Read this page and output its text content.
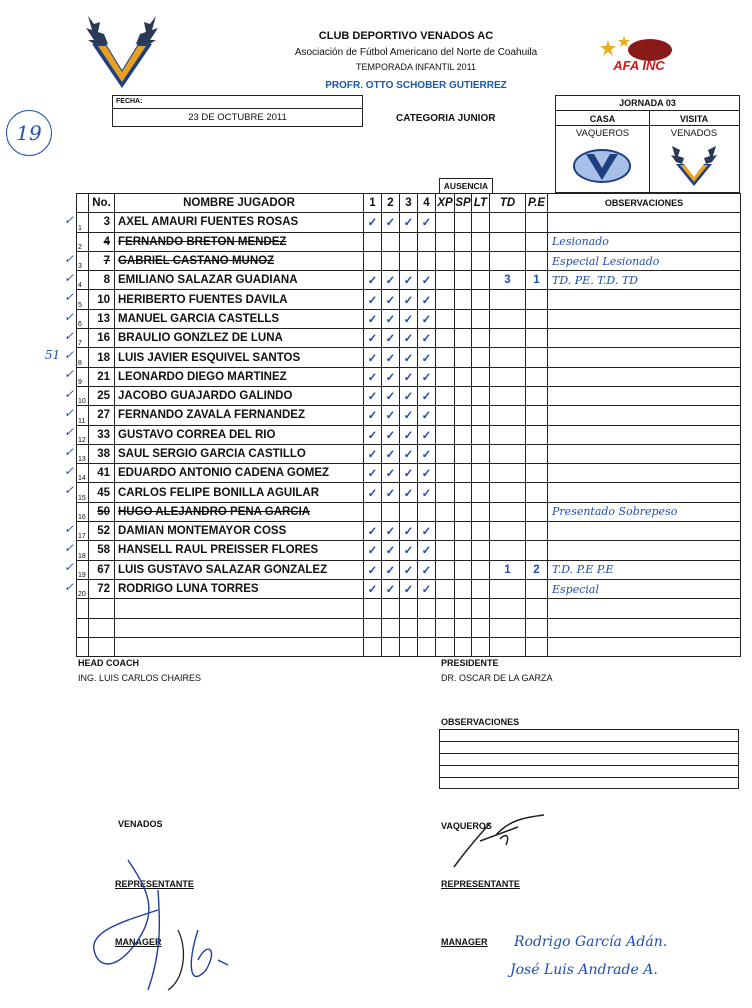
CLUB DEPORTIVO VENADOS AC
Asociación de Fútbol Americano del Norte de Coahuila
TEMPORADA INFANTIL 2011
PROFR. OTTO SCHOBER GUTIERREZ
AFA INC
19
FECHA:
23 DE OCTUBRE 2011	CATEGORIA JUNIOR
JORNADA 03
CASA	VISITA
VAQUEROS	VENADOS
AUSENCIA
	No.	NOMBRE JUGADOR	1	2	3	4	XP	SP	LT	TD	P.E	OBSERVACIONES
1	3	AXEL AMAURI FUENTES ROSAS	✓	✓	✓	✓						
2	4	FERNANDO BRETON MENDEZ										Lesionado
3	7	GABRIEL CASTANO MUNOZ										Especial Lesionado
4	8	EMILIANO SALAZAR GUADIANA	✓	✓	✓	✓				3	1	TD. PE. T.D. TD
5	10	HERIBERTO FUENTES DAVILA	✓	✓	✓	✓						
6	13	MANUEL GARCIA CASTELLS	✓	✓	✓	✓						
7	16	BRAULIO GONZLEZ DE LUNA	✓	✓	✓	✓						
8	18	LUIS JAVIER ESQUIVEL SANTOS	✓	✓	✓	✓						
9	21	LEONARDO DIEGO MARTINEZ	✓	✓	✓	✓						
10	25	JACOBO GUAJARDO GALINDO	✓	✓	✓	✓						
11	27	FERNANDO ZAVALA FERNANDEZ	✓	✓	✓	✓						
12	33	GUSTAVO CORREA DEL RIO	✓	✓	✓	✓						
13	38	SAUL SERGIO GARCIA CASTILLO	✓	✓	✓	✓						
14	41	EDUARDO ANTONIO CADENA GOMEZ	✓	✓	✓	✓						
15	45	CARLOS FELIPE BONILLA AGUILAR	✓	✓	✓	✓						
16	50	HUGO ALEJANDRO PENA GARCIA										Presentado Sobrepeso
17	52	DAMIAN MONTEMAYOR COSS	✓	✓	✓	✓						
18	58	HANSELL RAUL PREISSER FLORES	✓	✓	✓	✓						
19	67	LUIS GUSTAVO SALAZAR GONZALEZ	✓	✓	✓	✓				1	2	T.D. P.E P.E
20	72	RODRIGO LUNA TORRES	✓	✓	✓	✓						Especial

✓
✓
✓
✓
✓
✓
51 ✓
✓
✓
✓
✓
✓
✓
✓
✓
✓
✓
✓
HEAD COACH
ING. LUIS CARLOS CHAIRES
PRESIDENTE
DR. OSCAR DE LA GARZA
OBSERVACIONES
VENADOS	VAQUEROS
REPRESENTANTE	REPRESENTANTE
MANAGER	MANAGER Rodrigo García Adán.
José Luis Andrade A.
